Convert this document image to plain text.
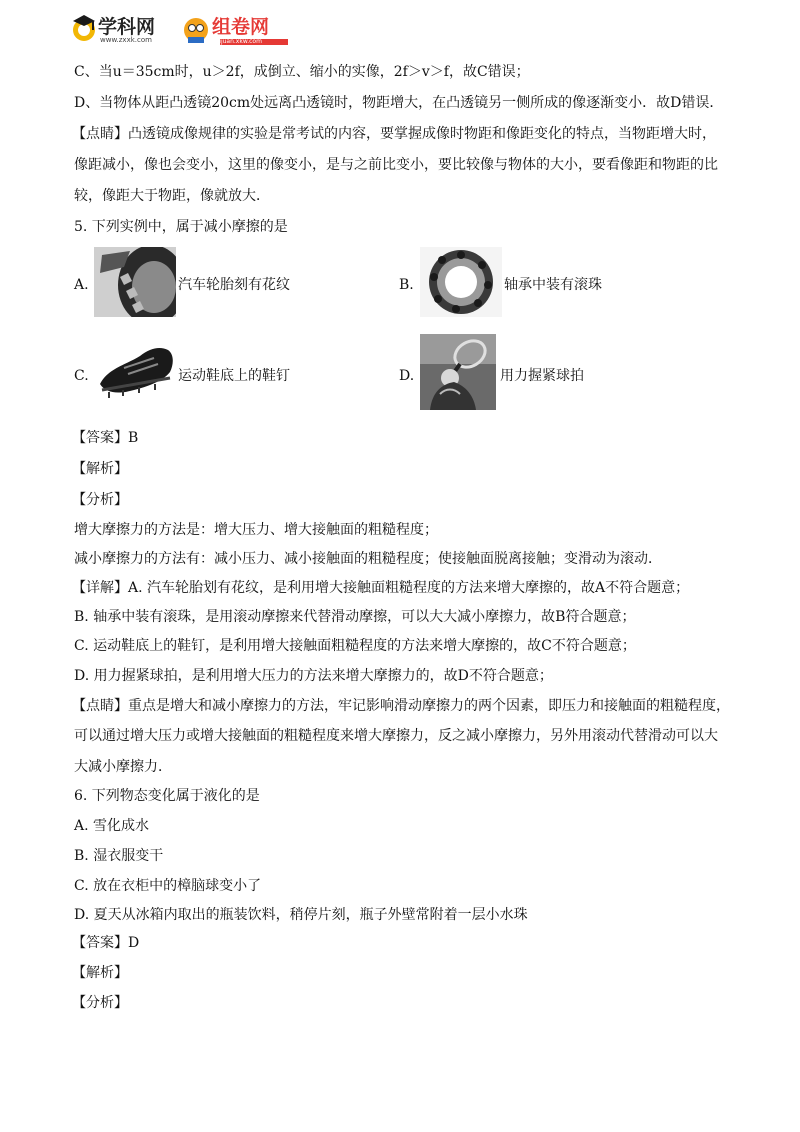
学科网
www.zxxk.com
组卷网
zujuan.xkw.com
C、当u＝35cm时，u＞2f，成倒立、缩小的实像，2f＞v＞f，故C错误；
D、当物体从距凸透镜20cm处远离凸透镜时，物距增大，在凸透镜另一侧所成的像逐渐变小．故D错误．
【点睛】凸透镜成像规律的实验是常考试的内容，要掌握成像时物距和像距变化的特点，当物距增大时，
像距减小，像也会变小，这里的像变小，是与之前比变小，要比较像与物体的大小，要看像距和物距的比
较，像距大于物距，像就放大．
5. 下列实例中，属于减小摩擦的是
A.	汽车轮胎刻有花纹	B.	轴承中装有滚珠
C.	运动鞋底上的鞋钉	D.	用力握紧球拍
【答案】B
【解析】
【分析】
增大摩擦力的方法是：增大压力、增大接触面的粗糙程度；
减小摩擦力的方法有：减小压力、减小接触面的粗糙程度；使接触面脱离接触；变滑动为滚动．
【详解】A. 汽车轮胎划有花纹，是利用增大接触面粗糙程度的方法来增大摩擦的，故A不符合题意；
B. 轴承中装有滚珠，是用滚动摩擦来代替滑动摩擦，可以大大减小摩擦力，故B符合题意；
C. 运动鞋底上的鞋钉，是利用增大接触面粗糙程度的方法来增大摩擦的，故C不符合题意；
D. 用力握紧球拍，是利用增大压力的方法来增大摩擦力的，故D不符合题意；
【点睛】重点是增大和减小摩擦力的方法，牢记影响滑动摩擦力的两个因素，即压力和接触面的粗糙程度，
可以通过增大压力或增大接触面的粗糙程度来增大摩擦力，反之减小摩擦力，另外用滚动代替滑动可以大
大减小摩擦力．
6. 下列物态变化属于液化的是
A. 雪化成水
B. 湿衣服变干
C. 放在衣柜中的樟脑球变小了
D. 夏天从冰箱内取出的瓶装饮料，稍停片刻，瓶子外壁常附着一层小水珠
【答案】D
【解析】
【分析】
